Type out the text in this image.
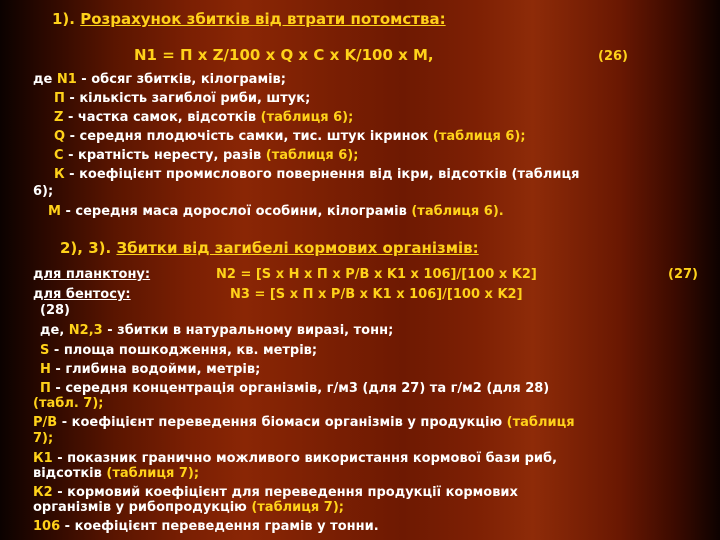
1). Розрахунок збитків від втрати потомства:
N1 = П х Z/100 х Q х C х K/100 х M,	(26)
де N1 - обсяг збитків, кілограмів;
П - кількість загиблої риби, штук;
Z - частка самок, відсотків (таблиця 6);
Q - середня плодючість самки, тис. штук ікринок (таблиця 6);
C - кратність нересту, разів (таблиця 6);
К - коефіцієнт промислового повернення від ікри, відсотків (таблиця
6);
М - середня маса дорослої особини, кілограмів (таблиця 6).
2), 3). Збитки від загибелі кормових організмів:
для планктону:	N2 = [S х H х П х Р/В х K1 х 106]/[100 х K2]	(27)
для бентосу:	N3 = [S х П х Р/В х K1 х 106]/[100 х K2]
(28)
де, N2,3 - збитки в натуральному виразі, тонн;
S - площа пошкодження, кв. метрів;
H - глибина водойми, метрів;
П - середня концентрація організмів, г/м3 (для 27) та г/м2 (для 28)
(табл. 7);
Р/В - коефіцієнт переведення біомаси організмів у продукцію (таблиця
7);
К1 - показник гранично можливого використання кормової бази риб,
відсотків (таблиця 7);
К2 - кормовий коефіцієнт для переведення продукції кормових
організмів у рибопродукцію (таблиця 7);
106 - коефіцієнт переведення грамів у тонни.
